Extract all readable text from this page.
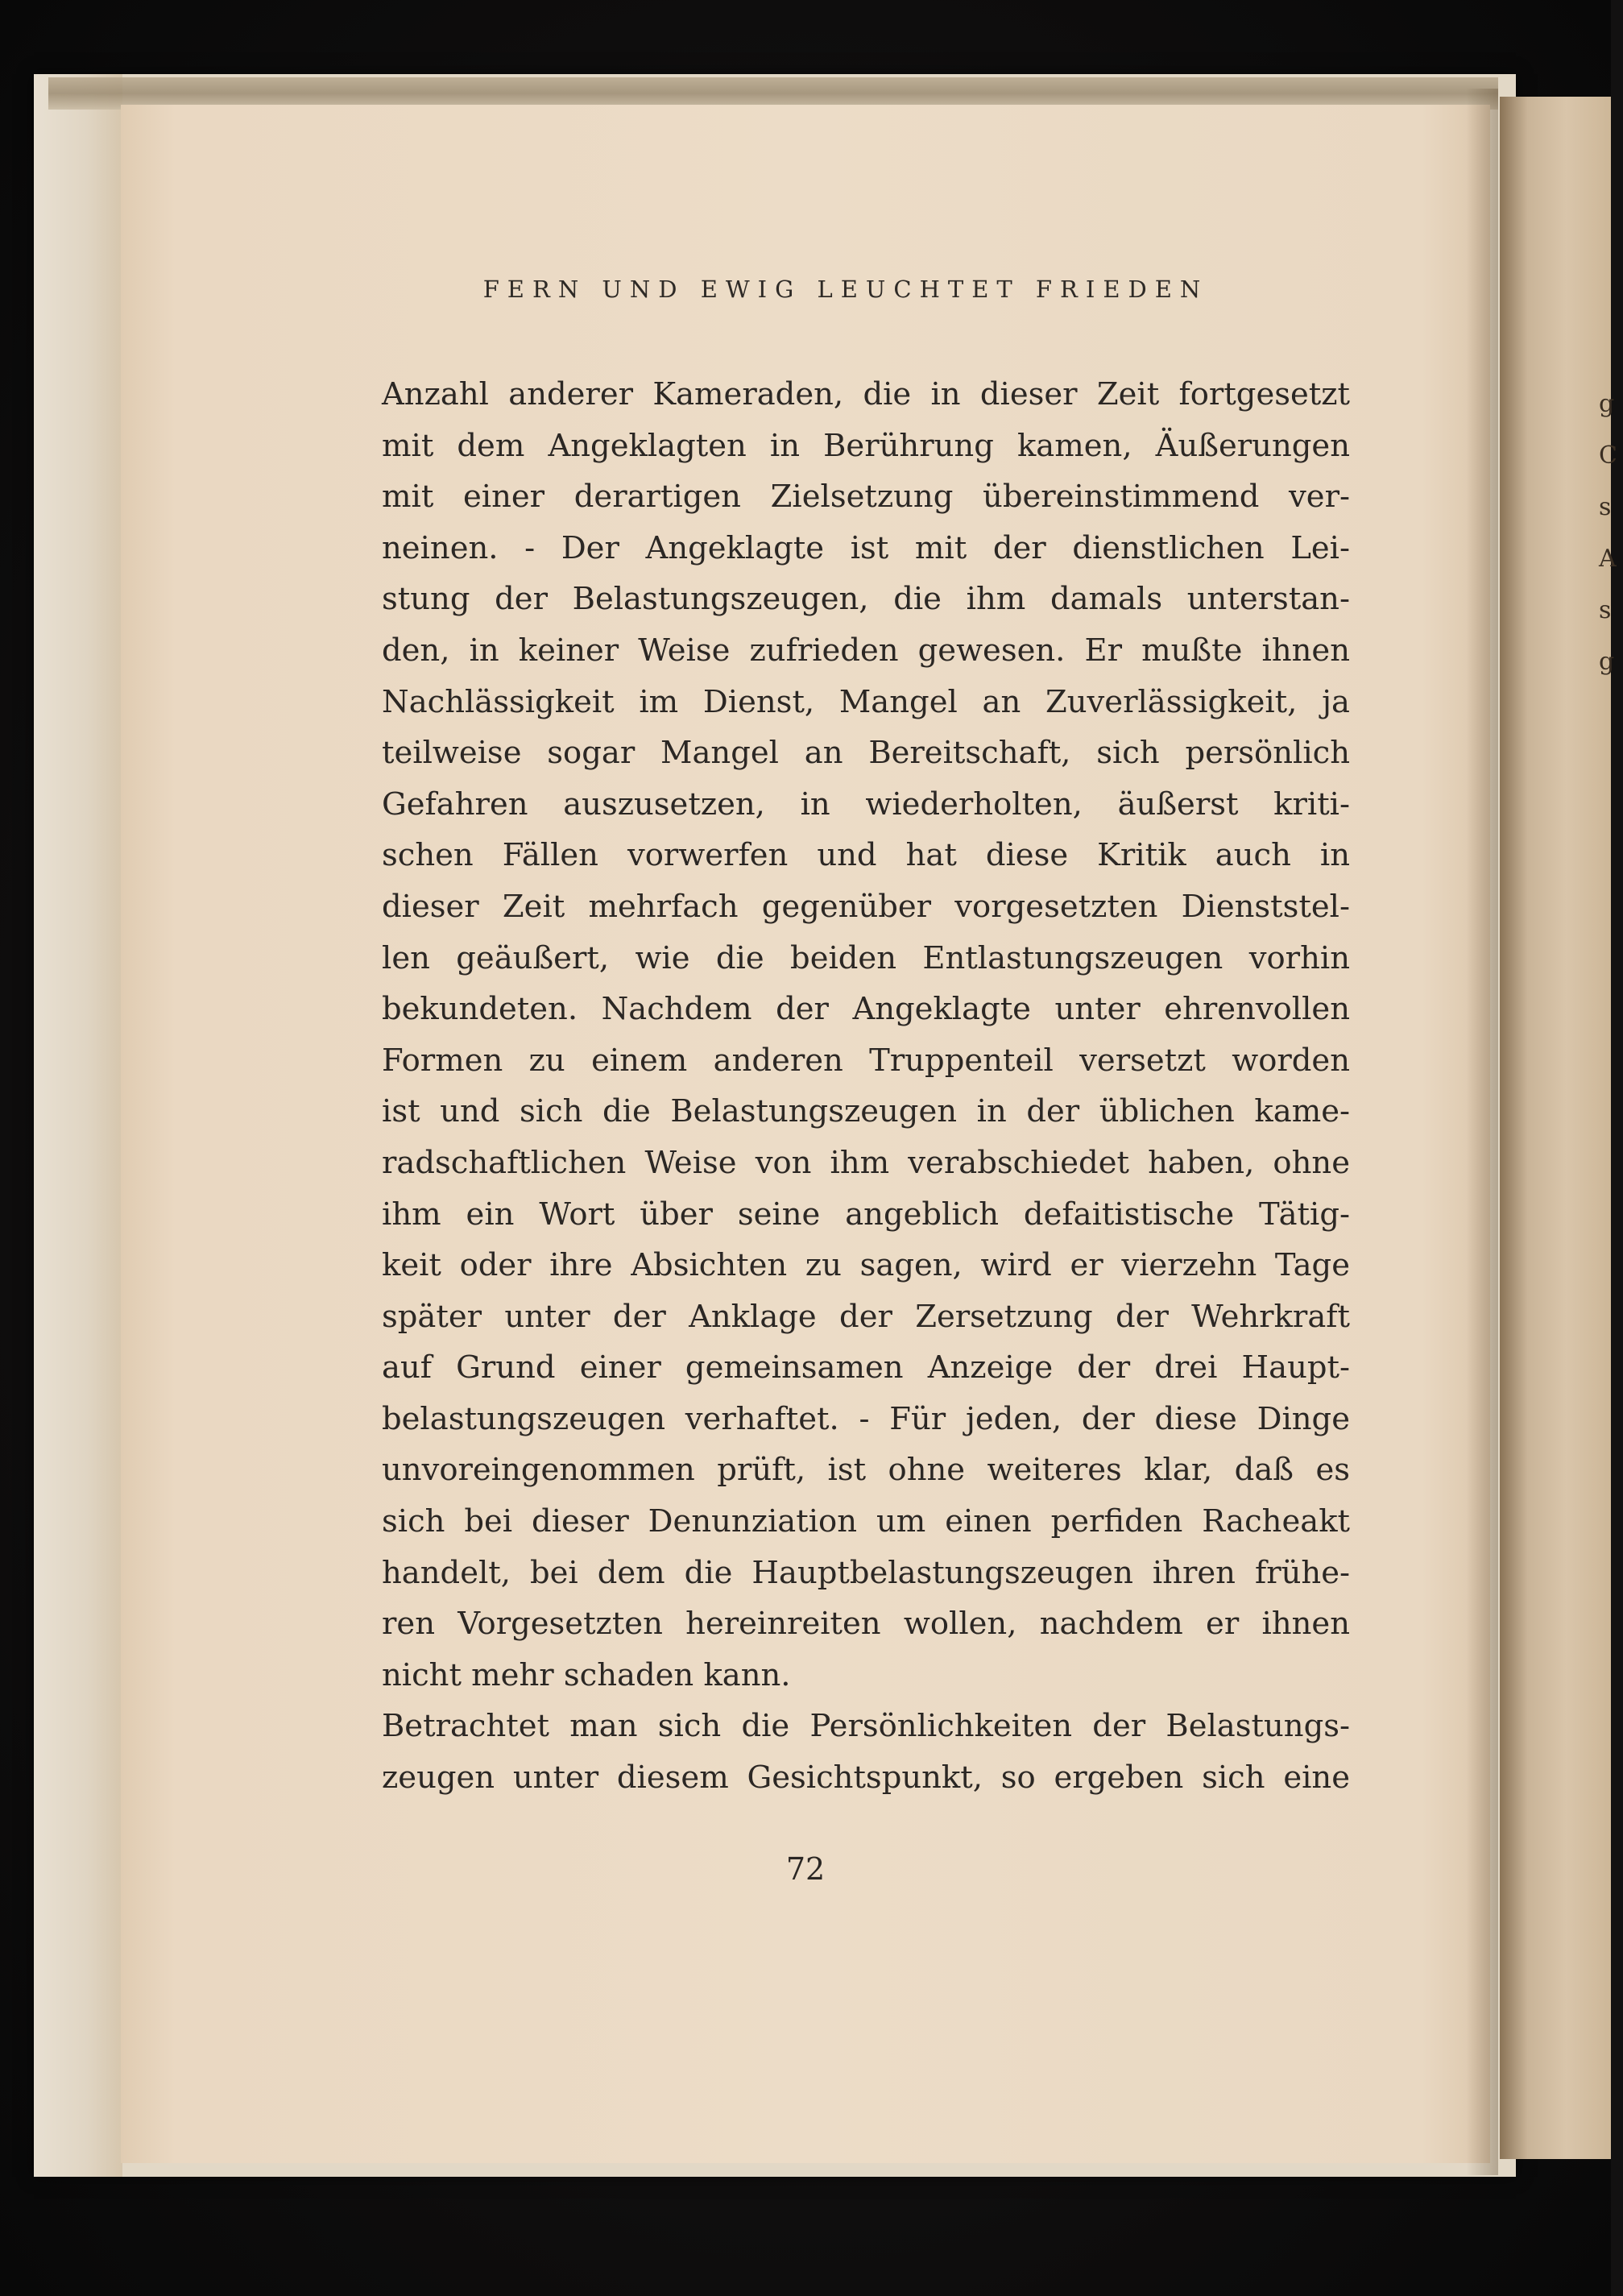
g
C
s
A
s
g
FERN UND EWIG LEUCHTET FRIEDEN
Anzahl anderer Kameraden, die in dieser Zeit fortgesetzt
mit dem Angeklagten in Berührung kamen, Äußerungen
mit einer derartigen Zielsetzung übereinstimmend ver-
neinen. - Der Angeklagte ist mit der dienstlichen Lei-
stung der Belastungszeugen, die ihm damals unterstan-
den, in keiner Weise zufrieden gewesen. Er mußte ihnen
Nachlässigkeit im Dienst, Mangel an Zuverlässigkeit, ja
teilweise sogar Mangel an Bereitschaft, sich persönlich
Gefahren auszusetzen, in wiederholten, äußerst kriti-
schen Fällen vorwerfen und hat diese Kritik auch in
dieser Zeit mehrfach gegenüber vorgesetzten Dienststel-
len geäußert, wie die beiden Entlastungszeugen vorhin
bekundeten. Nachdem der Angeklagte unter ehrenvollen
Formen zu einem anderen Truppenteil versetzt worden
ist und sich die Belastungszeugen in der üblichen kame-
radschaftlichen Weise von ihm verabschiedet haben, ohne
ihm ein Wort über seine angeblich defaitistische Tätig-
keit oder ihre Absichten zu sagen, wird er vierzehn Tage
später unter der Anklage der Zersetzung der Wehrkraft
auf Grund einer gemeinsamen Anzeige der drei Haupt-
belastungszeugen verhaftet. - Für jeden, der diese Dinge
unvoreingenommen prüft, ist ohne weiteres klar, daß es
sich bei dieser Denunziation um einen perfiden Racheakt
handelt, bei dem die Hauptbelastungszeugen ihren frühe-
ren Vorgesetzten hereinreiten wollen, nachdem er ihnen
nicht mehr schaden kann.
Betrachtet man sich die Persönlichkeiten der Belastungs-
zeugen unter diesem Gesichtspunkt, so ergeben sich eine
72
